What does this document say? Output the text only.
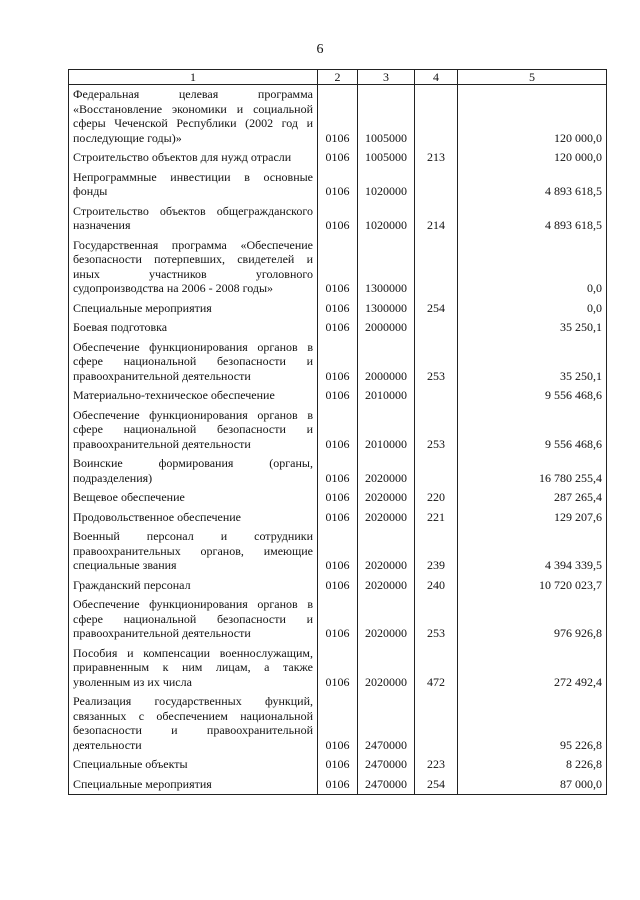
6
1	2	3	4	5
Федеральная целевая программа «Восстановление экономики и социальной сферы Чеченской Республики (2002 год и последующие годы)»	0106	1005000		120 000,0
Строительство объектов для нужд отрасли	0106	1005000	213	120 000,0
Непрограммные инвестиции в основные фонды	0106	1020000		4 893 618,5
Строительство объектов общегражданского назначения	0106	1020000	214	4 893 618,5
Государственная программа «Обеспечение безопасности потерпевших, свидетелей и иных участников уголовного судопроизводства на 2006 - 2008 годы»	0106	1300000		0,0
Специальные мероприятия	0106	1300000	254	0,0
Боевая подготовка	0106	2000000		35 250,1
Обеспечение функционирования органов в сфере национальной безопасности и правоохранительной деятельности	0106	2000000	253	35 250,1
Материально-техническое обеспечение	0106	2010000		9 556 468,6
Обеспечение функционирования органов в сфере национальной безопасности и правоохранительной деятельности	0106	2010000	253	9 556 468,6
Воинские формирования (органы, подразделения)	0106	2020000		16 780 255,4
Вещевое обеспечение	0106	2020000	220	287 265,4
Продовольственное обеспечение	0106	2020000	221	129 207,6
Военный персонал и сотрудники правоохранительных органов, имеющие специальные звания	0106	2020000	239	4 394 339,5
Гражданский персонал	0106	2020000	240	10 720 023,7
Обеспечение функционирования органов в сфере национальной безопасности и правоохранительной деятельности	0106	2020000	253	976 926,8
Пособия и компенсации военнослужащим, приравненным к ним лицам, а также уволенным из их числа	0106	2020000	472	272 492,4
Реализация государственных функций, связанных с обеспечением национальной безопасности и правоохранительной деятельности	0106	2470000		95 226,8
Специальные объекты	0106	2470000	223	8 226,8
Специальные мероприятия	0106	2470000	254	87 000,0
